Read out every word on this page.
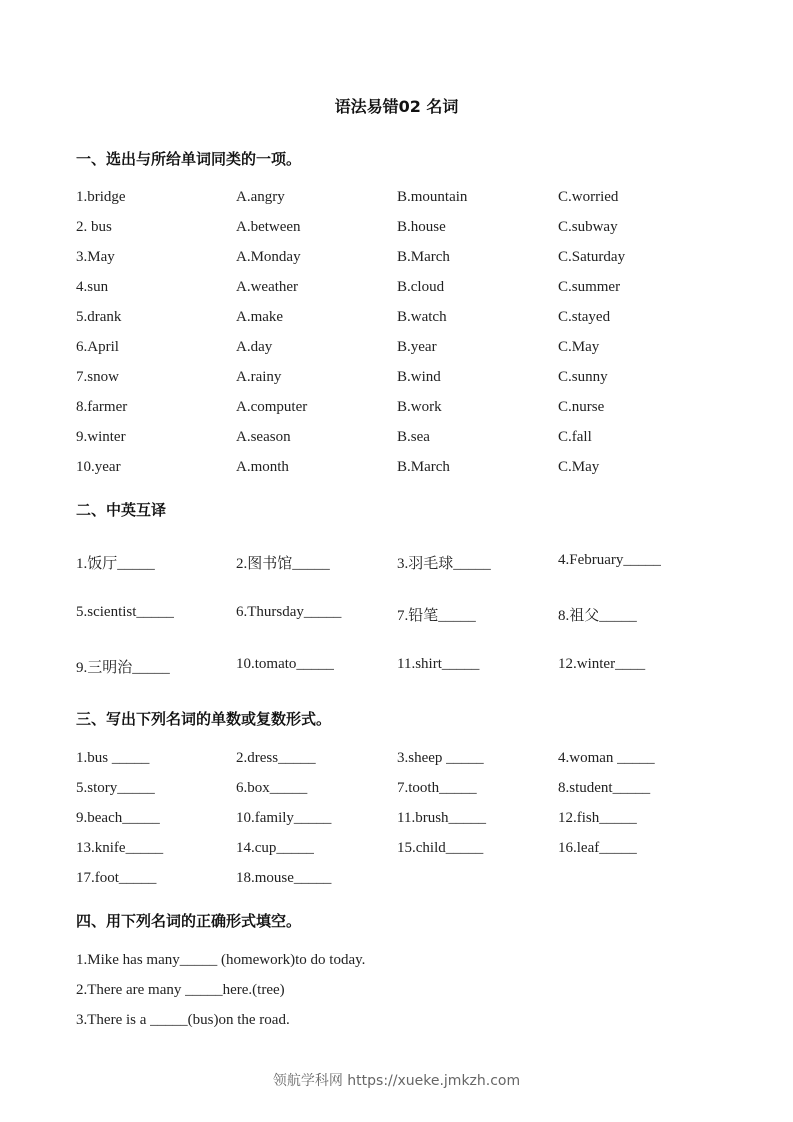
语法易错02 名词
一、选出与所给单词同类的一项。
1.bridge	A.angry	B.mountain	C.worried
2. bus	A.between	B.house	C.subway
3.May	A.Monday	B.March	C.Saturday
4.sun	A.weather	B.cloud	C.summer
5.drank	A.make	B.watch	C.stayed
6.April	A.day	B.year	C.May
7.snow	A.rainy	B.wind	C.sunny
8.farmer	A.computer	B.work	C.nurse
9.winter	A.season	B.sea	C.fall
10.year	A.month	B.March	C.May
二、中英互译
1.饭厅_____	2.图书馆_____	3.羽毛球_____	4.February_____
5.scientist_____	6.Thursday_____	7.铅笔_____	8.祖父_____
9.三明治_____	10.tomato_____	11.shirt_____	12.winter____
三、写出下列名词的单数或复数形式。
1.bus _____	2.dress_____	3.sheep _____	4.woman _____
5.story_____	6.box_____	7.tooth_____	8.student_____
9.beach_____	10.family_____	11.brush_____	12.fish_____
13.knife_____	14.cup_____	15.child_____	16.leaf_____
17.foot_____	18.mouse_____
四、用下列名词的正确形式填空。
1.Mike has many_____ (homework)to do today.
2.There are many _____here.(tree)
3.There is a _____(bus)on the road.
领航学科网 https://xueke.jmkzh.com
